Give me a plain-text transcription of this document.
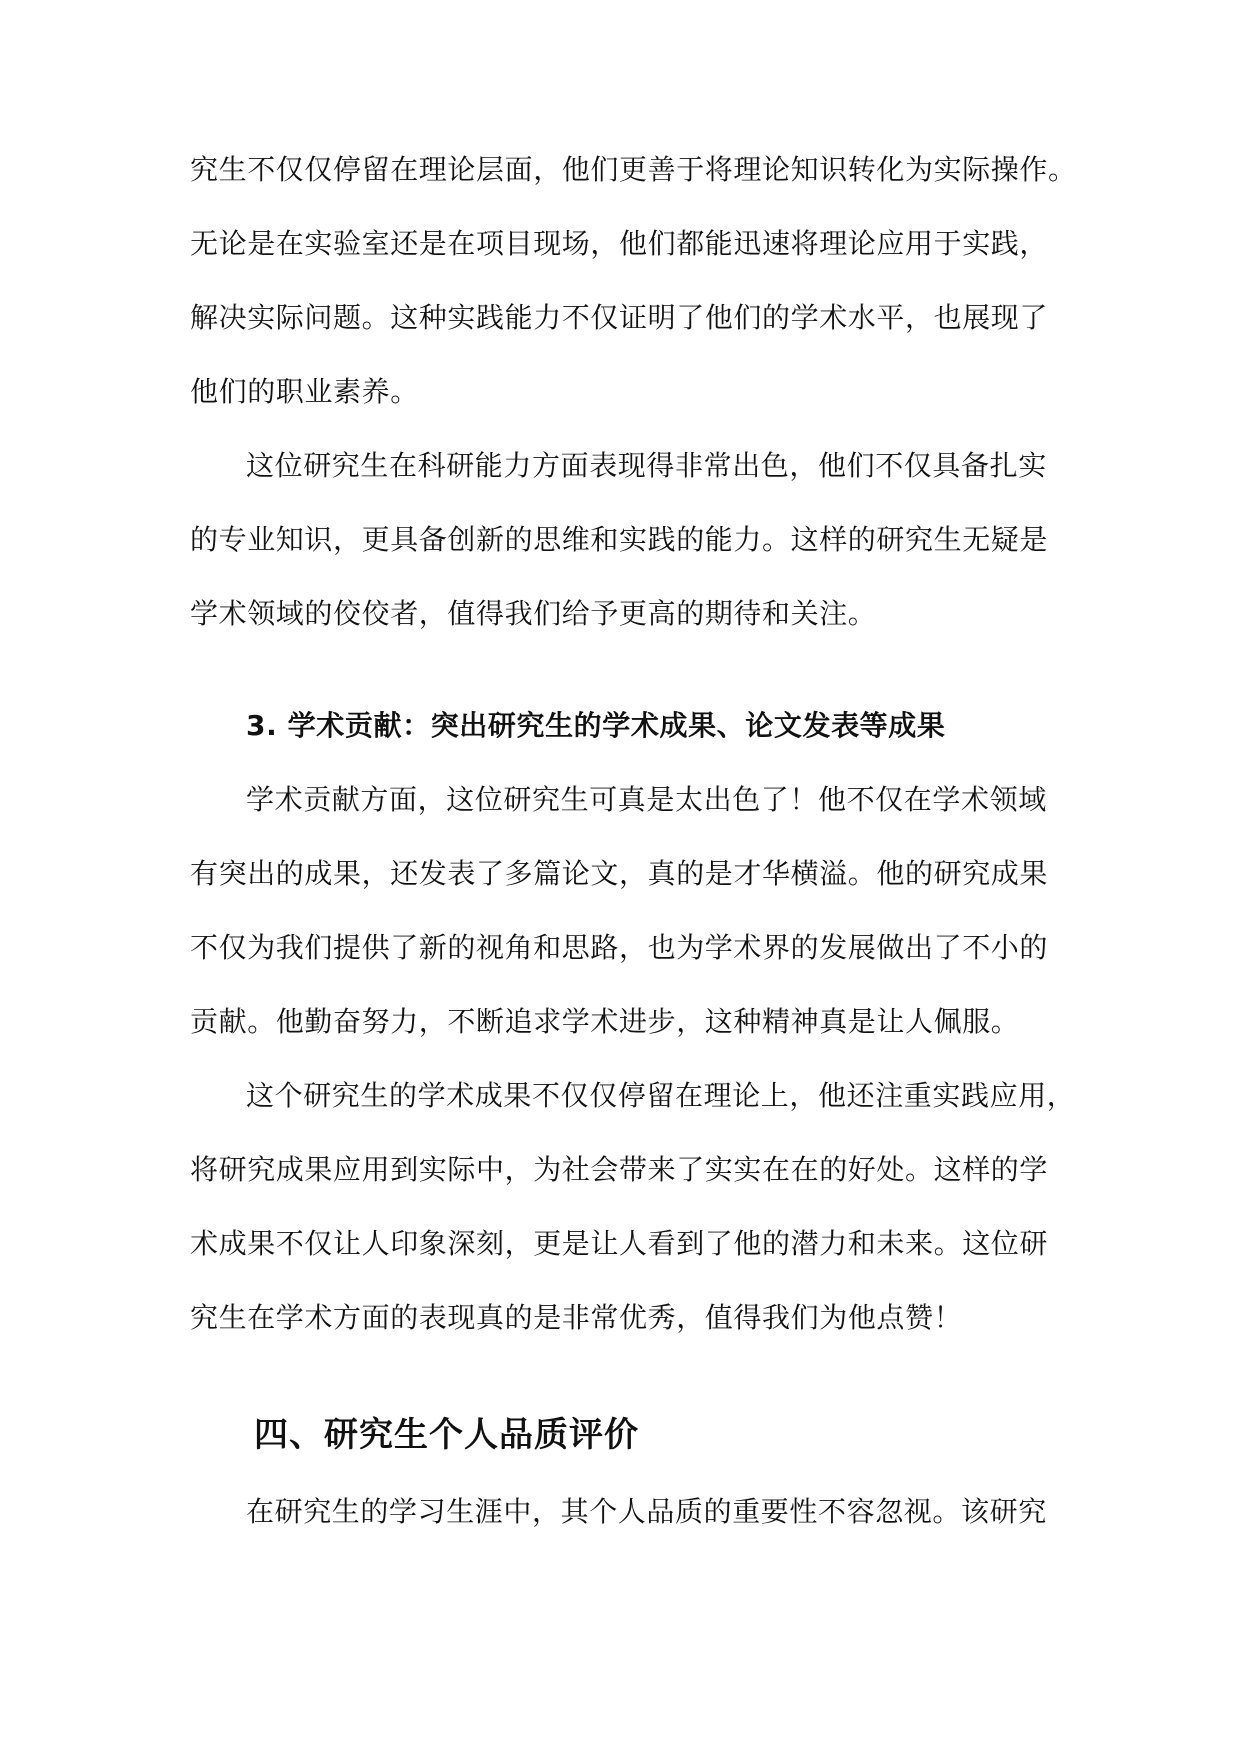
究生不仅仅停留在理论层面，他们更善于将理论知识转化为实际操作。
无论是在实验室还是在项目现场，他们都能迅速将理论应用于实践，
解决实际问题。这种实践能力不仅证明了他们的学术水平，也展现了
他们的职业素养。
这位研究生在科研能力方面表现得非常出色，他们不仅具备扎实
的专业知识，更具备创新的思维和实践的能力。这样的研究生无疑是
学术领域的佼佼者，值得我们给予更高的期待和关注。
3. 学术贡献：突出研究生的学术成果、论文发表等成果
学术贡献方面，这位研究生可真是太出色了！他不仅在学术领域
有突出的成果，还发表了多篇论文，真的是才华横溢。他的研究成果
不仅为我们提供了新的视角和思路，也为学术界的发展做出了不小的
贡献。他勤奋努力，不断追求学术进步，这种精神真是让人佩服。
这个研究生的学术成果不仅仅停留在理论上，他还注重实践应用，
将研究成果应用到实际中，为社会带来了实实在在的好处。这样的学
术成果不仅让人印象深刻，更是让人看到了他的潜力和未来。这位研
究生在学术方面的表现真的是非常优秀，值得我们为他点赞！
四、研究生个人品质评价
在研究生的学习生涯中，其个人品质的重要性不容忽视。该研究
